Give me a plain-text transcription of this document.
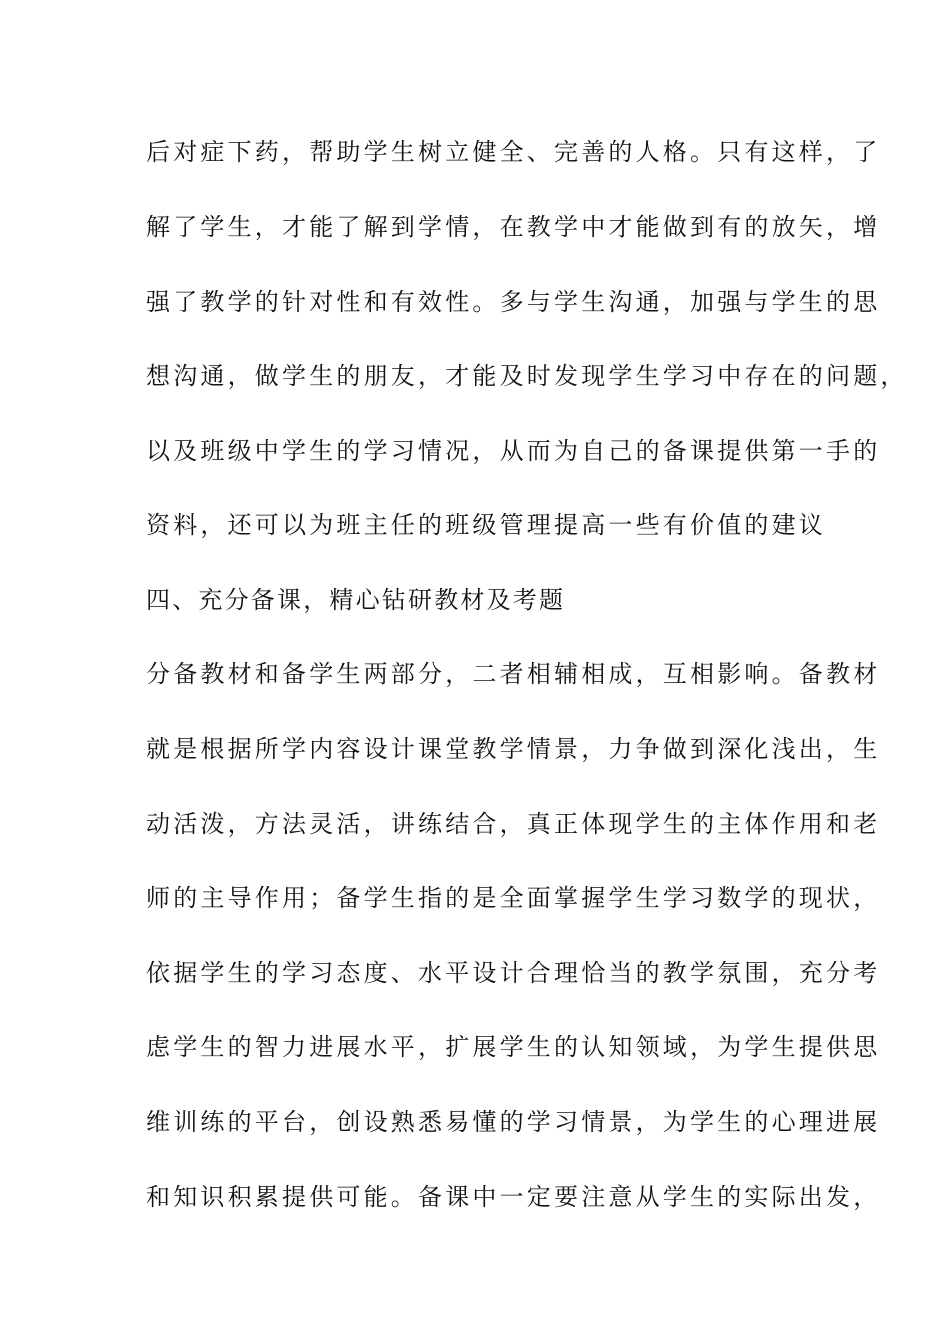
后对症下药，帮助学生树立健全、完善的人格。只有这样，了
解了学生，才能了解到学情，在教学中才能做到有的放矢，增
强了教学的针对性和有效性。多与学生沟通，加强与学生的思
想沟通，做学生的朋友，才能及时发现学生学习中存在的问题，
以及班级中学生的学习情况，从而为自己的备课提供第一手的
资料，还可以为班主任的班级管理提高一些有价值的建议
四、充分备课，精心钻研教材及考题
分备教材和备学生两部分，二者相辅相成，互相影响。备教材
就是根据所学内容设计课堂教学情景，力争做到深化浅出，生
动活泼，方法灵活，讲练结合，真正体现学生的主体作用和老
师的主导作用；备学生指的是全面掌握学生学习数学的现状，
依据学生的学习态度、水平设计合理恰当的教学氛围，充分考
虑学生的智力进展水平，扩展学生的认知领域，为学生提供思
维训练的平台，创设熟悉易懂的学习情景，为学生的心理进展
和知识积累提供可能。备课中一定要注意从学生的实际出发，
